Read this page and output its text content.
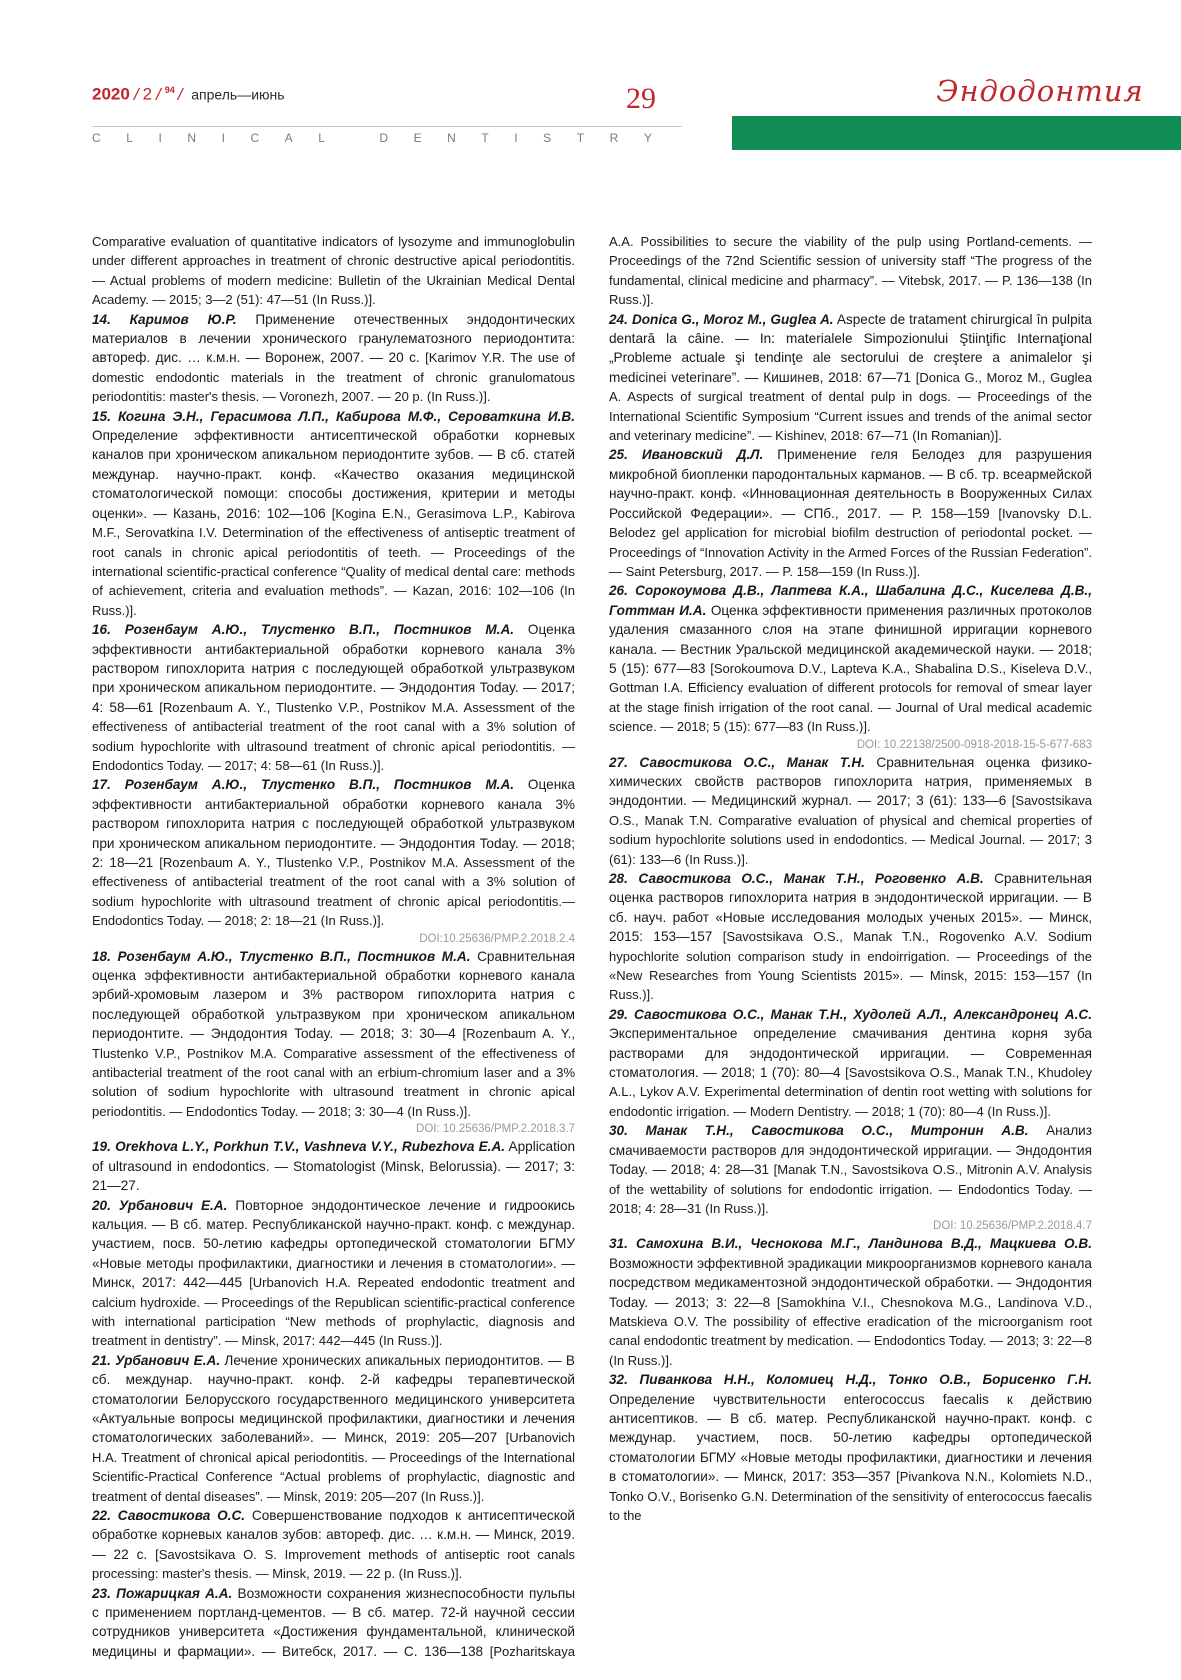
2020 / 2 / $^{94}$ / апрель—июнь	29
C L I N I C A L
	D E N T I S T R Y
Эндодонтия

Comparative evaluation of quantitative indicators of lysozyme and immunoglobulin under different approaches in treatment of chronic destructive apical periodontitis. — Actual problems of modern medicine: Bulletin of the Ukrainian Medical Dental Academy. — 2015; 3—2 (51): 47—51 (In Russ.)].

14. Каримов Ю.Р. Применение отечественных эндодонтических материалов в лечении хронического гранулематозного периодонтита: автореф. дис. … к.м.н. — Воронеж, 2007. — 20 с. [Karimov Y.R. The use of domestic endodontic materials in the treatment of chronic granulomatous periodontitis: master's thesis. — Voronezh, 2007. — 20 p. (In Russ.)].

15. Когина Э.Н., Герасимова Л.П., Кабирова М.Ф., Сероваткина И.В. Определение эффективности антисептической обработки корневых каналов при хроническом апикальном периодонтите зубов. — В сб. статей междунар. научно-практ. конф. «Качество оказания медицинской стоматологической помощи: способы достижения, критерии и методы оценки». — Казань, 2016: 102—106 [Kogina E.N., Gerasimova L.P., Kabirova M.F., Serovatkina I.V. Determination of the effectiveness of antiseptic treatment of root canals in chronic apical periodontitis of teeth. — Proceedings of the international scientific-practical conference “Quality of medical dental care: methods of achievement, criteria and evaluation methods”. — Kazan, 2016: 102—106 (In Russ.)].

16. Розенбаум А.Ю., Тлустенко В.П., Постников М.А. Оценка эффективности антибактериальной обработки корневого канала 3% раствором гипохлорита натрия с последующей обработкой ультразвуком при хроническом апикальном периодонтите. — Эндодонтия Today. — 2017; 4: 58—61 [Rozenbaum A. Y., Tlustenko V.P., Postnikov M.A. Assessment of the effectiveness of antibacterial treatment of the root canal with a 3% solution of sodium hypochlorite with ultrasound treatment of chronic apical periodontitis. — Endodontics Today. — 2017; 4: 58—61 (In Russ.)].

17. Розенбаум А.Ю., Тлустенко В.П., Постников М.А. Оценка эффективности антибактериальной обработки корневого канала 3% раствором гипохлорита натрия с последующей обработкой ультразвуком при хроническом апикальном периодонтите. — Эндодонтия Today. — 2018; 2: 18—21 [Rozenbaum A. Y., Tlustenko V.P., Postnikov M.A. Assessment of the effectiveness of antibacterial treatment of the root canal with a 3% solution of sodium hypochlorite with ultrasound treatment of chronic apical periodontitis.— Endodontics Today. — 2018; 2: 18—21 (In Russ.)].
DOI:10.25636/PMP.2.2018.2.4

18. Розенбаум А.Ю., Тлустенко В.П., Постников М.А. Сравнительная оценка эффективности антибактериальной обработки корневого канала эрбий-хромовым лазером и 3% раствором гипохлорита натрия с последующей обработкой ультразвуком при хроническом апикальном периодонтите. — Эндодонтия Today. — 2018; 3: 30—4 [Rozenbaum A. Y., Tlustenko V.P., Postnikov M.A. Comparative assessment of the effectiveness of antibacterial treatment of the root canal with an erbium-chromium laser and a 3% solution of sodium hypochlorite with ultrasound treatment in chronic apical periodontitis. — Endodontics Today. — 2018; 3: 30—4 (In Russ.)].
DOI: 10.25636/PMP.2.2018.3.7

19. Orekhova L.Y., Porkhun T.V., Vashneva V.Y., Rubezhova E.A. Application of ultrasound in endodontics. — Stomatologist (Minsk, Belorussia). — 2017; 3: 21—27.

20. Урбанович Е.А. Повторное эндодонтическое лечение и гидроокись кальция. — В сб. матер. Республиканской научно-практ. конф. с междунар. участием, посв. 50-летию кафедры ортопедической стоматологии БГМУ «Новые методы профилактики, диагностики и лечения в стоматологии». — Минск, 2017: 442—445 [Urbanovich H.A. Repeated endodontic treatment and calcium hydroxide. — Proceedings of the Republican scientific-practical conference with international participation “New methods of prophylactic, diagnosis and treatment in dentistry”. — Minsk, 2017: 442—445 (In Russ.)].

21. Урбанович Е.А. Лечение хронических апикальных периодонтитов. — В сб. междунар. научно-практ. конф. 2-й кафедры терапевтической стоматологии Белорусского государственного медицинского университета «Актуальные вопросы медицинской профилактики, диагностики и лечения стоматологических заболеваний». — Минск, 2019: 205—207 [Urbanovich H.A. Treatment of chronical apical periodontitis. — Proceedings of the International Scientific-Practical Conference “Actual problems of prophylactic, diagnostic and treatment of dental diseases”. — Minsk, 2019: 205—207 (In Russ.)].

22. Савостикова О.С. Совершенствование подходов к антисептической обработке корневых каналов зубов: автореф. дис. … к.м.н. — Минск, 2019. — 22 с. [Savostsikava O. S. Improvement methods of antiseptic root canals processing: master's thesis. — Minsk, 2019. — 22 p. (In Russ.)].

23. Пожарицкая А.А. Возможности сохранения жизнеспособности пульпы с применением портланд-цементов. — В сб. матер. 72-й научной сессии сотрудников университета «Достижения фундаментальной, клинической медицины и фармации». — Витебск, 2017. — С. 136—138 [Pozharitskaya A.A. Possibilities to secure the viability of the pulp using Portland-cements. — Proceedings of the 72nd Scientific session of university staff “The progress of the fundamental, clinical medicine and pharmacy”. — Vitebsk, 2017. — P. 136—138 (In Russ.)].

24. Donica G., Moroz M., Guglea A. Aspecte de tratament chirurgical în pulpita dentară la câine. — In: materialele Simpozionului Ştiinţific Internaţional „Probleme actuale şi tendinţe ale sectorului de creştere a animalelor şi medicinei veterinare”. — Кишинев, 2018: 67—71 [Donica G., Moroz M., Guglea A. Aspects of surgical treatment of dental pulp in dogs. — Proceedings of the International Scientific Symposium “Current issues and trends of the animal sector and veterinary medicine”. — Kishinev, 2018: 67—71 (In Romanian)].

25. Ивановский Д.Л. Применение геля Белодез для разрушения микробной биопленки пародонтальных карманов. — В сб. тр. всеармейской научно-практ. конф. «Инновационная деятельность в Вооруженных Силах Российской Федерации». — СПб., 2017. — Р. 158—159 [Ivanovsky D.L. Belodez gel application for microbial biofilm destruction of periodontal pocket. — Proceedings of “Innovation Activity in the Armed Forces of the Russian Federation”. — Saint Petersburg, 2017. — P. 158—159 (In Russ.)].

26. Сорокоумова Д.В., Лаптева К.А., Шабалина Д.С., Киселева Д.В., Готтман И.А. Оценка эффективности применения различных протоколов удаления смазанного слоя на этапе финишной ирригации корневого канала. — Вестник Уральской медицинской академической науки. — 2018; 5 (15): 677—83 [Sorokoumova D.V., Lapteva K.A., Shabalina D.S., Kiseleva D.V., Gottman I.A. Efficiency evaluation of different protocols for removal of smear layer at the stage finish irrigation of the root canal. — Journal of Ural medical academic science. — 2018; 5 (15): 677—83 (In Russ.)].
DOI: 10.22138/2500-0918-2018-15-5-677-683

27. Савостикова О.С., Манак Т.Н. Сравнительная оценка физико-химических свойств растворов гипохлорита натрия, применяемых в эндодонтии. — Медицинский журнал. — 2017; 3 (61): 133—6 [Savostsikava O.S., Manak T.N. Comparative evaluation of physical and chemical properties of sodium hypochlorite solutions used in endodontics. — Medical Journal. — 2017; 3 (61): 133—6 (In Russ.)].

28. Савостикова О.С., Манак Т.Н., Роговенко А.В. Сравнительная оценка растворов гипохлорита натрия в эндодонтической ирригации. — В сб. науч. работ «Новые исследования молодых ученых 2015». — Минск, 2015: 153—157 [Savostsikava O.S., Manak T.N., Rogovenko A.V. Sodium hypochlorite solution comparison study in endoirrigation. — Proceedings of the «New Researches from Young Scientists 2015». — Minsk, 2015: 153—157 (In Russ.)].

29. Савостикова О.С., Манак Т.Н., Худолей А.Л., Александронец А.С. Экспериментальное определение смачивания дентина корня зуба растворами для эндодонтической ирригации. — Современная стоматология. — 2018; 1 (70): 80—4 [Savostsikova O.S., Manak T.N., Khudoley A.L., Lykov A.V. Experimental determination of dentin root wetting with solutions for endodontic irrigation. — Modern Dentistry. — 2018; 1 (70): 80—4 (In Russ.)].

30. Манак Т.Н., Савостикова О.С., Митронин А.В. Анализ смачиваемости растворов для эндодонтической ирригации. — Эндодонтия Today. — 2018; 4: 28—31 [Manak T.N., Savostsikova O.S., Mitronin A.V. Analysis of the wettability of solutions for endodontic irrigation. — Endodontics Today. — 2018; 4: 28—31 (In Russ.)].
DOI: 10.25636/PMP.2.2018.4.7

31. Самохина В.И., Чеснокова М.Г., Ландинова В.Д., Мацкиева О.В. Возможности эффективной эрадикации микроорганизмов корневого канала посредством медикаментозной эндодонтической обработки. — Эндодонтия Today. — 2013; 3: 22—8 [Samokhina V.I., Chesnokova M.G., Landinova V.D., Matskieva O.V. The possibility of effective eradication of the microorganism root canal endodontic treatment by medication. — Endodontics Today. — 2013; 3: 22—8 (In Russ.)].

32. Пиванкова Н.Н., Коломиец Н.Д., Тонко О.В., Борисенко Г.Н. Определение чувствительности enterococcus faecalis к действию антисептиков. — В сб. матер. Республиканской научно-практ. конф. с междунар. участием, посв. 50-летию кафедры ортопедической стоматологии БГМУ «Новые методы профилактики, диагностики и лечения в стоматологии». — Минск, 2017: 353—357 [Pivankova N.N., Kolomiets N.D., Tonko O.V., Borisenko G.N. Determination of the sensitivity of enterococcus faecalis to the
